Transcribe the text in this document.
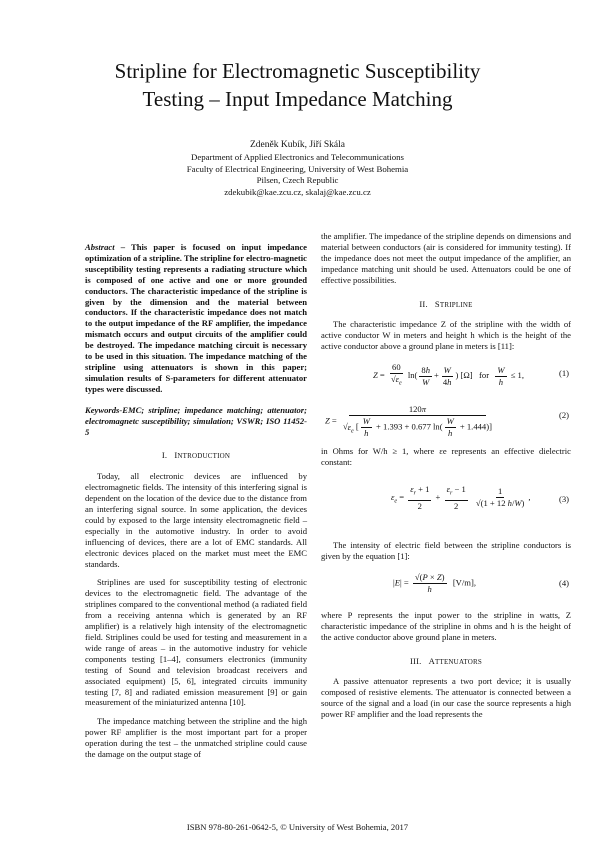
Stripline for Electromagnetic Susceptibility
Testing – Input Impedance Matching
Zdeněk Kubík, Jiří Skála
Department of Applied Electronics and Telecommunications
Faculty of Electrical Engineering, University of West Bohemia
Pilsen, Czech Republic
zdekubik@kae.zcu.cz, skalaj@kae.zcu.cz

Abstract – This paper is focused on input impedance optimization of a stripline. The stripline for electro-magnetic susceptibility testing represents a radiating structure which is composed of one active and one or more grounded conductors. The characteristic impedance of the stripline is given by the dimension and the material between conductors. If the characteristic impedance does not match to the output impedance of the RF amplifier, the impedance mismatch occurs and output circuits of the amplifier could be destroyed. The impedance matching circuit is necessary to be used in this situation. The impedance matching of the stripline using attenuators is shown in this paper; simulation results of S-parameters for different attenuator types were discussed.

Keywords-EMC; stripline; impedance matching; attenuator; electromagnetc susceptibility; simulation; VSWR; ISO 11452-5

I. INTRODUCTION

Today, all electronic devices are influenced by electromagnetic fields. The intensity of this interfering signal is dependent on the location of the device due to the distance from an interfering signal source. In some application, the devices could by exposed to the large intensity electromagnetic field – especially in the automotive industry. In order to avoid influencing of devices, there are a lot of EMC standards. All electronic devices placed on the market must meet the EMC standards.

Striplines are used for susceptibility testing of electronic devices to the electromagnetic field. The advantage of the striplines compared to the conventional method (a radiated field from a receiving antenna which is generated by an RF amplifier) is a relatively high intensity of the electromagnetic field. Striplines could be used for testing and measurement in a wide range of areas – in the automotive industry for vehicle components testing [1–4], consumers electronics (immunity testing of Sound and television broadcast receivers and associated equipment) [5, 6], integrated circuits immunity testing [7, 8] and radiated emission measurement [9] or gain measurement of the miniaturized antenna [10].

The impedance matching between the stripline and the high power RF amplifier is the most important part for a proper operation during the test – the unmatched stripline could cause the damage on the output stage of

the amplifier. The impedance of the stripline depends on dimensions and material between conductors (air is considered for immunity testing). If the impedance does not meet the output impedance of the amplifier, an impedance matching unit should be used. Attenuators could be one of effective possibilities.

II. STRIPLINE

The characteristic impedance Z of the stripline with the width of active conductor W in meters and height h which is the height of the active conductor above a ground plane in meters is [11]:

$Z = \frac{60}{√\varepsilon_e} \ln( \frac{8h}{W} + \frac{W}{4h}$ ) [Ω]   for $\frac{W}{h} \le 1$,	(1)
$Z = \frac{120\pi}{√\varepsilon_e [ \frac{W}{h} + 1.393 + 0.677 \ln( \frac{W}{h} + 1.444)]}$	(2)

in Ohms for W/h ≥ 1, where εe represents an effective dielectric constant:

$\varepsilon_e = \frac{\varepsilon_r + 1}{2} + \frac{\varepsilon_r - 1}{2}$
$\frac{1}{√(1 + 12 h/W)}$ ,	(3)

The intensity of electric field between the stripline conductors is given by the equation [1]:

$|E| = \frac{√(P \times Z)}{h} [V/m]$,	(4)

where P represents the input power to the stripline in watts, Z characteristic impedance of the stripline in ohms and h is the height of the active conductor above ground plane in meters.

III. ATTENUATORS

A passive attenuator represents a two port device; it is usually composed of resistive elements. The attenuator is connected between a source of the signal and a load (in our case the source represents a high power RF amplifier and the load represents the

ISBN 978-80-261-0642-5, © University of West Bohemia, 2017
